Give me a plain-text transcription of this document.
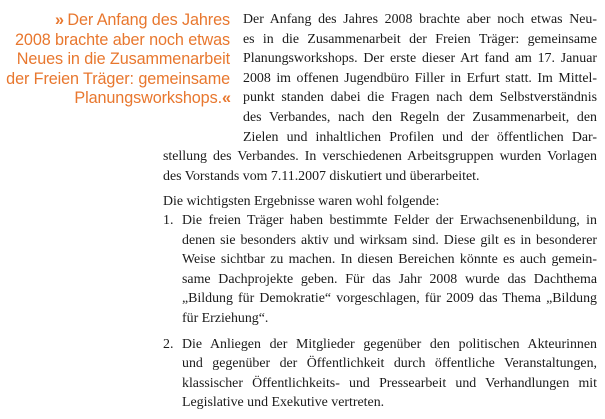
» Der Anfang des Jahres
2008 brachte aber noch etwas
Neues in die Zusammenarbeit
der Freien Träger: gemeinsame
Planungsworkshops.«
Der Anfang des Jahres 2008 brachte aber noch etwas Neu-
es in die Zusammenarbeit der Freien Träger: gemeinsame
Planungsworkshops. Der erste dieser Art fand am 17. Januar
2008 im offenen Jugendbüro Filler in Erfurt statt. Im Mittel-
punkt standen dabei die Fragen nach dem Selbstverständnis
des Verbandes, nach den Regeln der Zusammenarbeit, den
Zielen und inhaltlichen Profilen und der öffentlichen Dar-
stellung des Verbandes. In verschiedenen Arbeitsgruppen wurden Vorlagen
des Vorstands vom 7.11.2007 diskutiert und überarbeitet.
Die wichtigsten Ergebnisse waren wohl folgende:
1. Die freien Träger haben bestimmte Felder der Erwachsenenbildung, in
denen sie besonders aktiv und wirksam sind. Diese gilt es in besonderer
Weise sichtbar zu machen. In diesen Bereichen könnte es auch gemein-
same Dachprojekte geben. Für das Jahr 2008 wurde das Dachthema
„Bildung für Demokratie“ vorgeschlagen, für 2009 das Thema „Bildung
für Erziehung“.
2. Die Anliegen der Mitglieder gegenüber den politischen Akteurinnen
und gegenüber der Öffentlichkeit durch öffentliche Veranstaltungen,
klassischer Öffentlichkeits- und Pressearbeit und Verhandlungen mit
Legislative und Exekutive vertreten.
